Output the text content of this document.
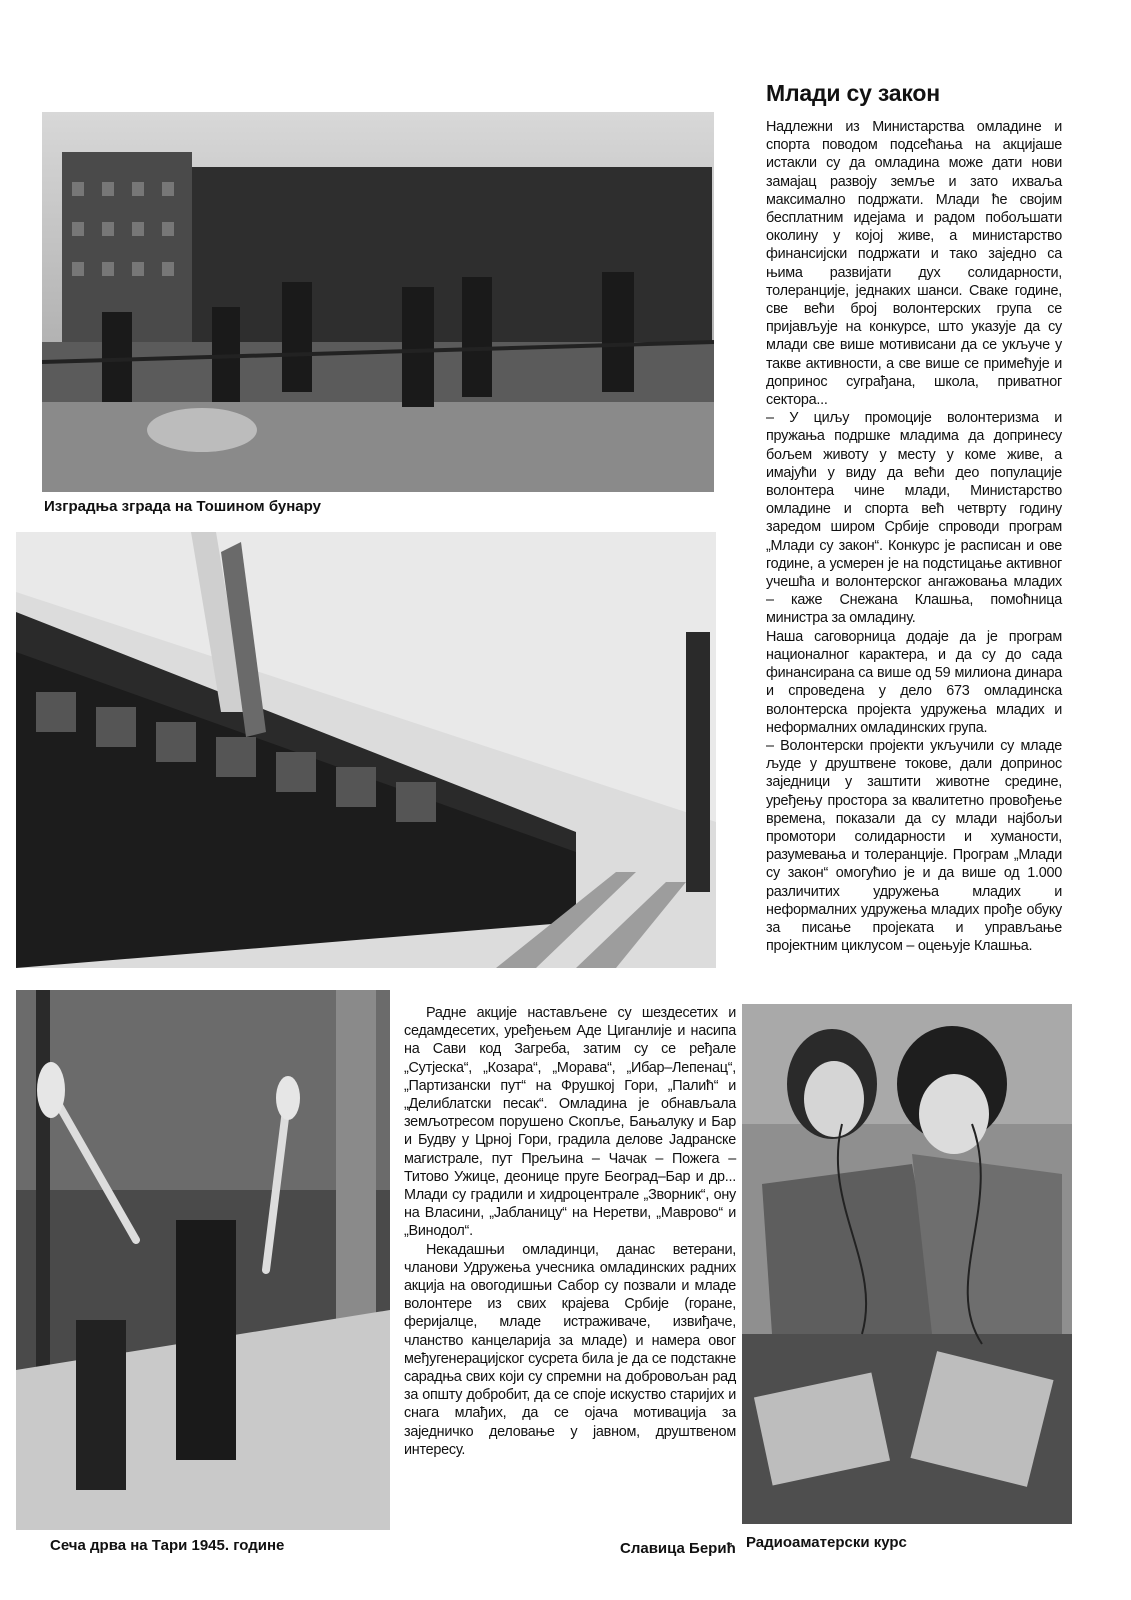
Изградња зграда на Тошином бунару
Сеча дрва на Тари 1945. године	Радиоаматерски курс
Млади су закон

Надлежни из Министарства омладине и спорта поводом подсећања на акцијаше истакли су да омладина може дати нови замајац развоју земље и зато ихваља максимално подржати. Млади ће својим бесплатним идејама и радом побољшати околину у којој живе, а министарство финансијски подржати и тако заједно са њима развијати дух солидарности, толеранције, једнаких шанси. Сваке године, све већи број волонтерских група се пријављује на конкурсе, што указује да су млади све више мотивисани да се укључе у такве активности, а све више се примећује и допринос суграђана, школа, приватног сектора...

– У циљу промоције волонтеризма и пружања подршке младима да допринесу бољем животу у месту у коме живе, а имајући у виду да већи део популације волонтера чине млади, Министарство омладине и спорта већ четврту годину заредом широм Србије спроводи програм „Млади су закон“. Конкурс је расписан и ове године, а усмерен је на подстицање активног учешћа и волонтерског ангажовања младих – каже Снежана Клашња, помоћница министра за омладину.

Наша саговорница додаје да је програм националног карактера, и да су до сада финансирана са више од 59 милиона динара и спроведена у дело 673 омладинска волонтерска пројекта удружења младих и неформалних омладинских група.

– Волонтерски пројекти укључили су младе људе у друштвене токове, дали допринос заједници у заштити животне средине, уређењу простора за квалитетно провођење времена, показали да су млади најбољи промотори солидарности и хуманости, разумевања и толеранције. Програм „Млади су закон“ омогућио је и да више од 1.000 различитих удружења младих и неформалних удружења младих прође обуку за писање пројеката и управљање пројектним циклусом – оцењује Клашња.

Радне акције настављене су шездесетих и седамдесетих, уређењем Аде Циганлије и насипа на Сави код Загреба, затим су се ређале „Сутјеска“, „Козара“, „Морава“, „Ибар–Лепенац“, „Партизански пут“ на Фрушкој Гори, „Палић“ и „Делиблатски песак“. Омладина је обнављала земљотресом порушено Скопље, Бањалуку и Бар и Будву у Црној Гори, градила делове Јадранске магистрале, пут Прељина – Чачак – Пожега – Титово Ужице, деонице пруге Београд–Бар и др... Млади су градили и хидроцентрале „Зворник“, ону на Власини, „Јабланицу“ на Неретви, „Маврово“ и „Винодол“.

Некадашњи омладинци, данас ветерани, чланови Удружења учесника омладинских радних акција на овогодишњи Сабор су позвали и младе волонтере из свих крајева Србије (горане, феријалце, младе истраживаче, извиђаче, чланство канцеларија за младе) и намера овог међугенерацијског сусрета била је да се подстакне сарадња свих који су спремни на добровољан рад за општу добробит, да се споје искуство старијих и снага млађих, да се ојача мотивација за заједничко деловање у јавном, друштвеном интересу.

Славица Берић
